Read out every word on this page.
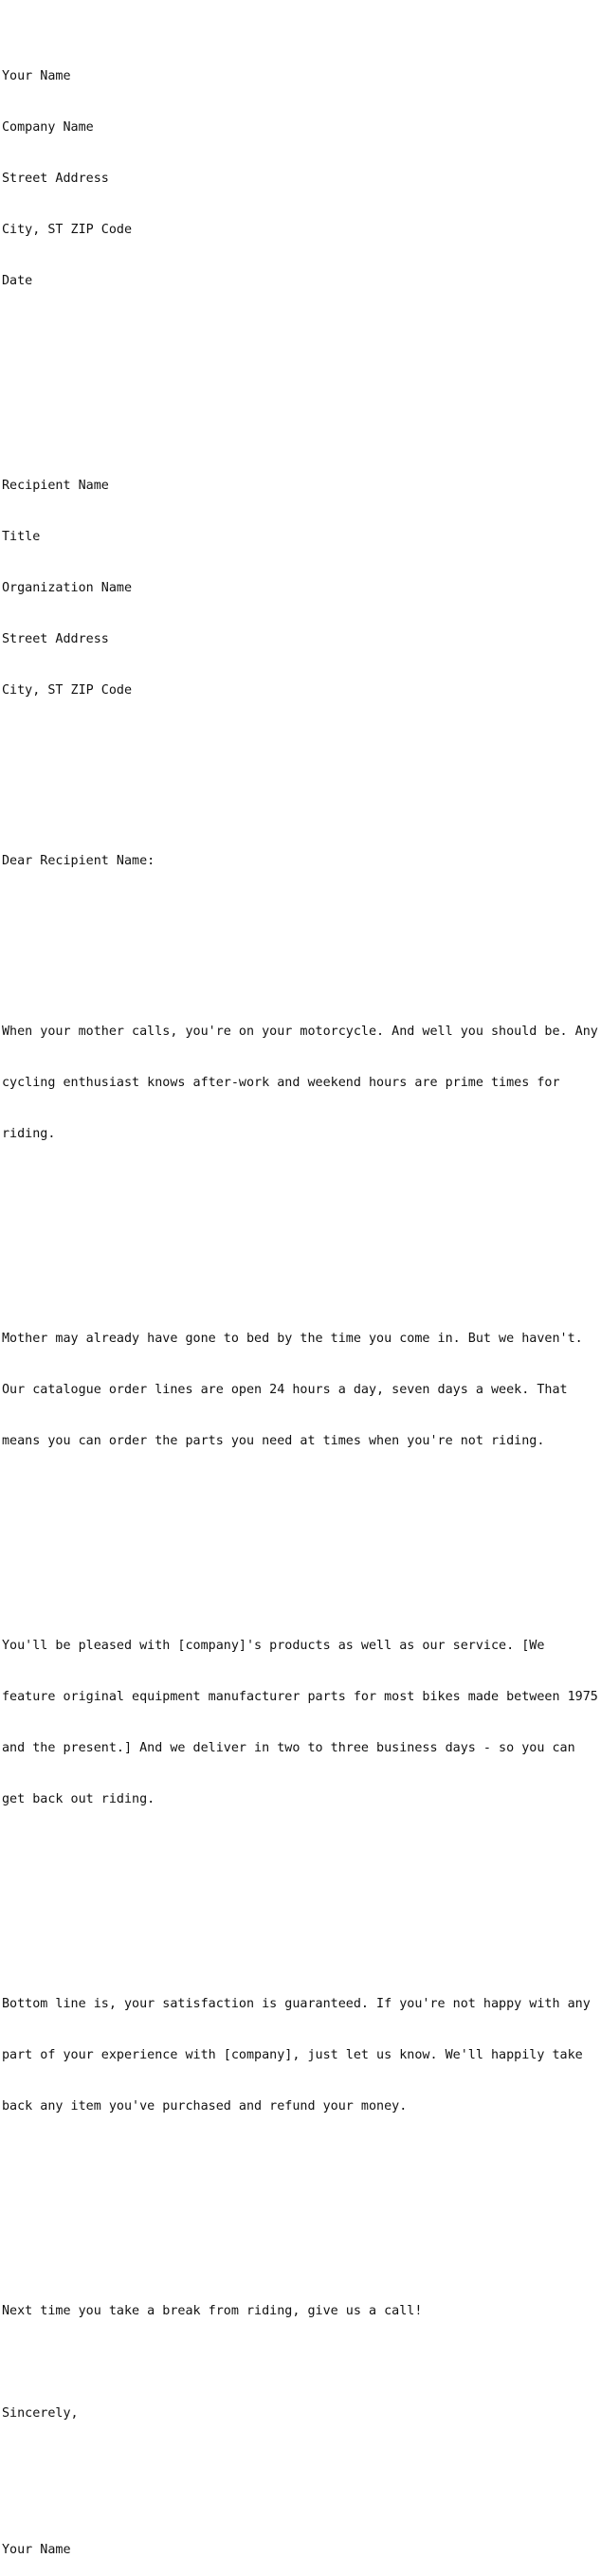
Your Name

Company Name

Street Address

City, ST ZIP Code

Date

Recipient Name

Title

Organization Name

Street Address

City, ST ZIP Code

Dear Recipient Name:

When your mother calls, you're on your motorcycle. And well you should be. Any

cycling enthusiast knows after-work and weekend hours are prime times for

riding.

Mother may already have gone to bed by the time you come in. But we haven't.

Our catalogue order lines are open 24 hours a day, seven days a week. That

means you can order the parts you need at times when you're not riding.

You'll be pleased with [company]'s products as well as our service. [We

feature original equipment manufacturer parts for most bikes made between 1975

and the present.] And we deliver in two to three business days - so you can

get back out riding.

Bottom line is, your satisfaction is guaranteed. If you're not happy with any

part of your experience with [company], just let us know. We'll happily take

back any item you've purchased and refund your money.

Next time you take a break from riding, give us a call!

Sincerely,

Your Name
